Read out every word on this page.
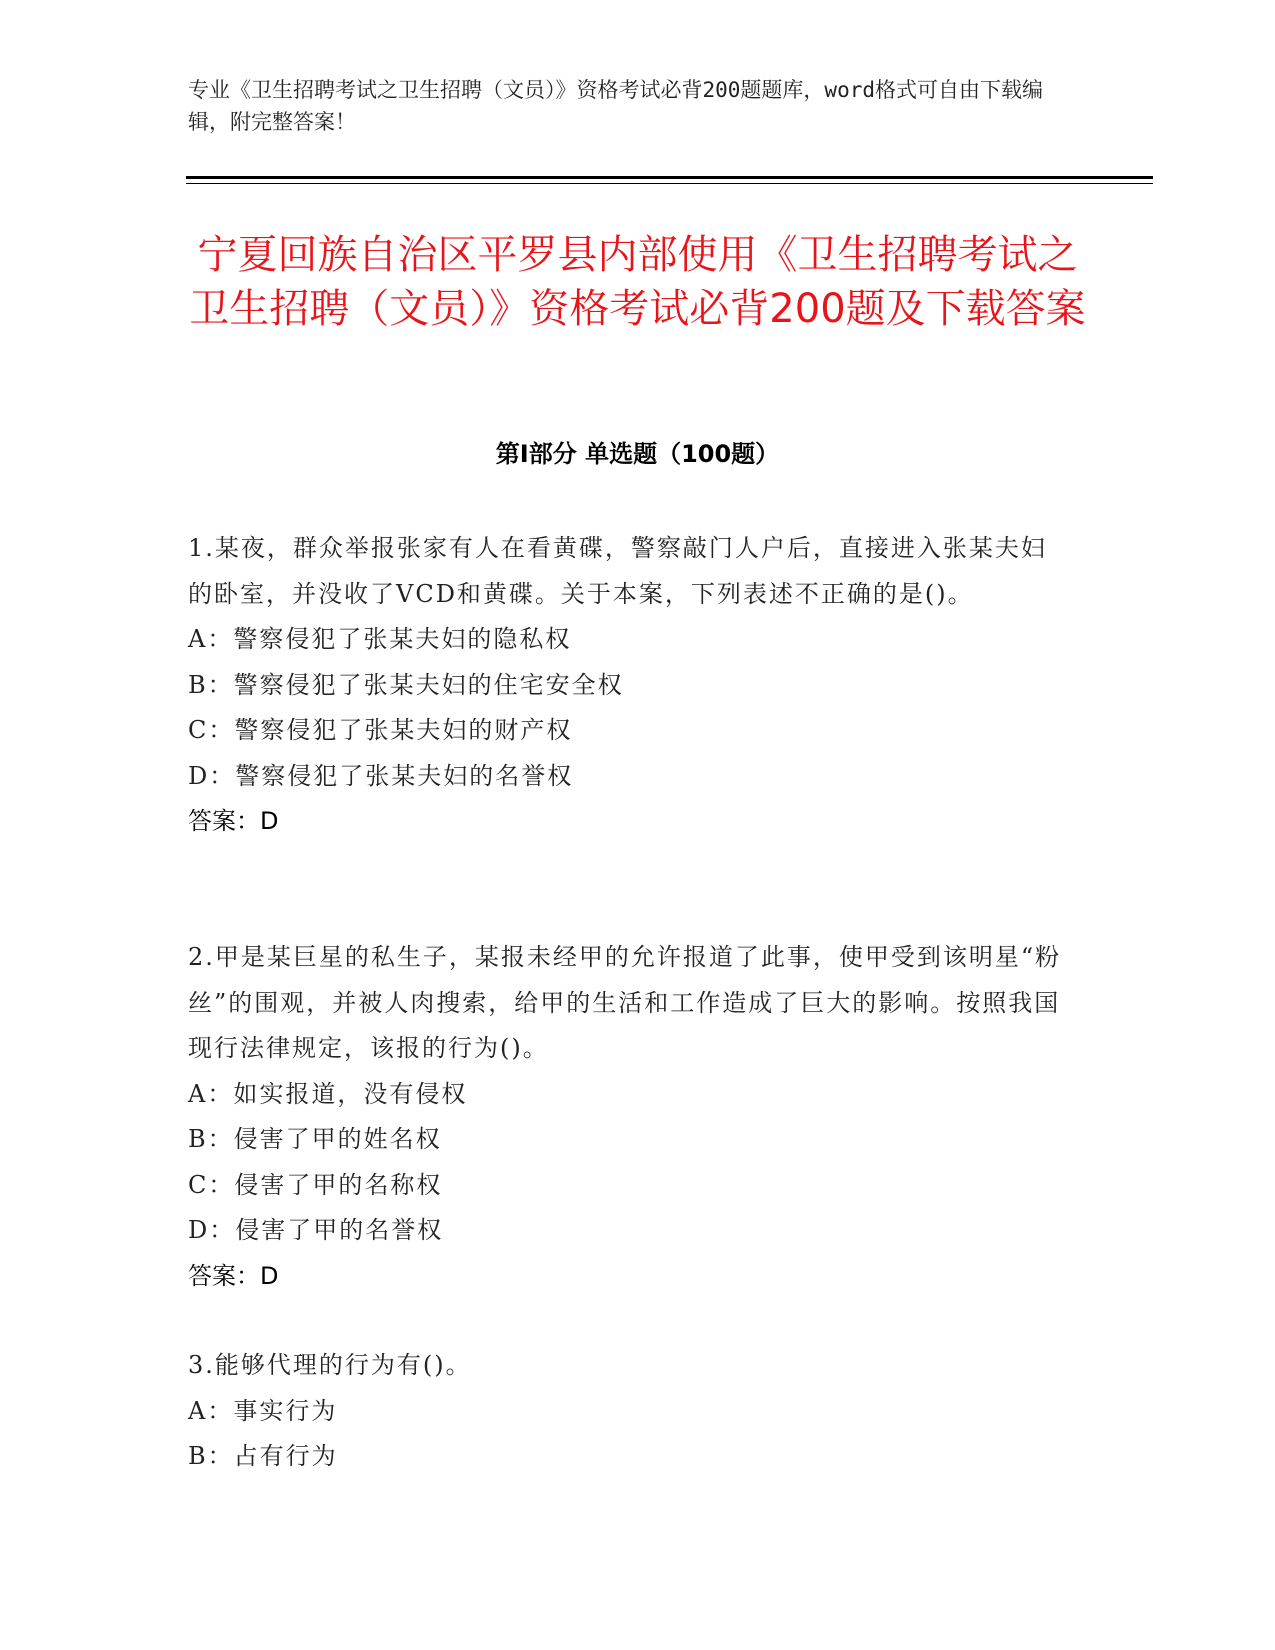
专业《卫生招聘考试之卫生招聘（文员）》资格考试必背200题题库，word格式可自由下载编辑，附完整答案！
宁夏回族自治区平罗县内部使用《卫生招聘考试之卫生招聘（文员）》资格考试必背200题及下载答案
第Ⅰ部分 单选题（100题）

1.某夜，群众举报张家有人在看黄碟，警察敲门人户后，直接进入张某夫妇的卧室，并没收了VCD和黄碟。关于本案，下列表述不正确的是()。

A：警察侵犯了张某夫妇的隐私权

B：警察侵犯了张某夫妇的住宅安全权

C：警察侵犯了张某夫妇的财产权

D：警察侵犯了张某夫妇的名誉权

答案：D

2.甲是某巨星的私生子，某报未经甲的允许报道了此事，使甲受到该明星“粉丝”的围观，并被人肉搜索，给甲的生活和工作造成了巨大的影响。按照我国现行法律规定，该报的行为()。

A：如实报道，没有侵权

B：侵害了甲的姓名权

C：侵害了甲的名称权

D：侵害了甲的名誉权

答案：D

3.能够代理的行为有()。

A：事实行为

B：占有行为
